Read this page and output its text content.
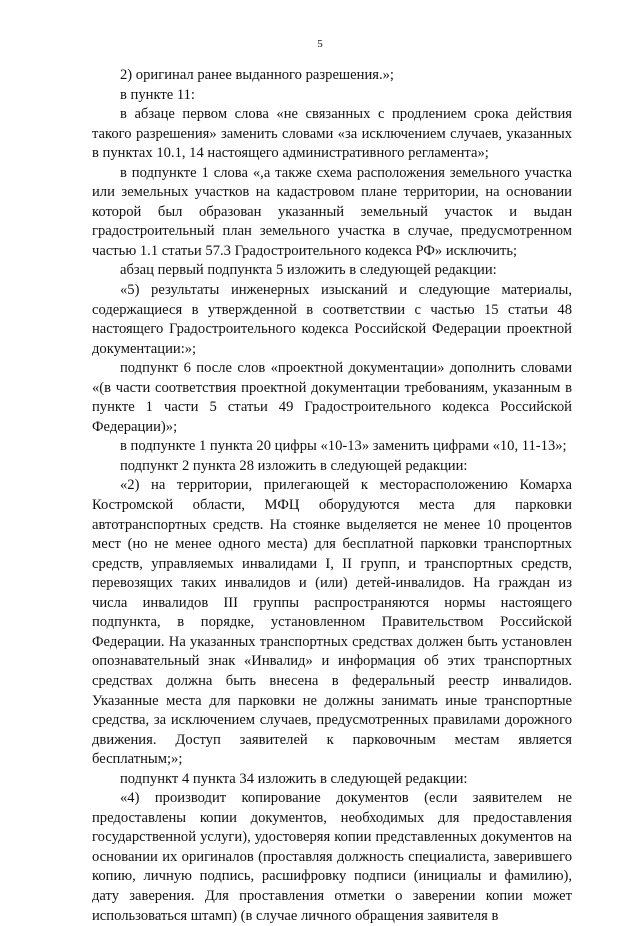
5

2) оригинал ранее выданного разрешения.»;

в пункте 11:

в абзаце первом слова «не связанных с продлением срока действия такого разрешения» заменить словами «за исключением случаев, указанных в пунктах 10.1, 14 настоящего административного регламента»;

в подпункте 1 слова «,а также схема расположения земельного участка или земельных участков на кадастровом плане территории, на основании которой был образован указанный земельный участок и выдан градостроительный план земельного участка в случае, предусмотренном частью 1.1 статьи 57.3 Градостроительного кодекса РФ» исключить;

абзац первый подпункта 5 изложить в следующей редакции:

«5) результаты инженерных изысканий и следующие материалы, содержащиеся в утвержденной в соответствии с частью 15 статьи 48 настоящего Градостроительного кодекса Российской Федерации проектной документации:»;

подпункт 6 после слов «проектной документации» дополнить словами «(в части соответствия проектной документации требованиям, указанным в пункте 1 части 5 статьи 49 Градостроительного кодекса Российской Федерации)»;

в подпункте 1 пункта 20 цифры «10-13» заменить цифрами «10, 11-13»;

подпункт 2 пункта 28 изложить в следующей редакции:

«2) на территории, прилегающей к месторасположению Комарха Костромской области, МФЦ оборудуются места для парковки автотранспортных средств. На стоянке выделяется не менее 10 процентов мест (но не менее одного места) для бесплатной парковки транспортных средств, управляемых инвалидами I, II групп, и транспортных средств, перевозящих таких инвалидов и (или) детей-инвалидов. На граждан из числа инвалидов III группы распространяются нормы настоящего подпункта, в порядке, установленном Правительством Российской Федерации. На указанных транспортных средствах должен быть установлен опознавательный знак «Инвалид» и информация об этих транспортных средствах должна быть внесена в федеральный реестр инвалидов. Указанные места для парковки не должны занимать иные транспортные средства, за исключением случаев, предусмотренных правилами дорожного движения. Доступ заявителей к парковочным местам является бесплатным;»;

подпункт 4 пункта 34 изложить в следующей редакции:

«4) производит копирование документов (если заявителем не предоставлены копии документов, необходимых для предоставления государственной услуги), удостоверяя копии представленных документов на основании их оригиналов (проставляя должность специалиста, заверившего копию, личную подпись, расшифровку подписи (инициалы и фамилию), дату заверения. Для проставления отметки о заверении копии может использоваться штамп) (в случае личного обращения заявителя в
